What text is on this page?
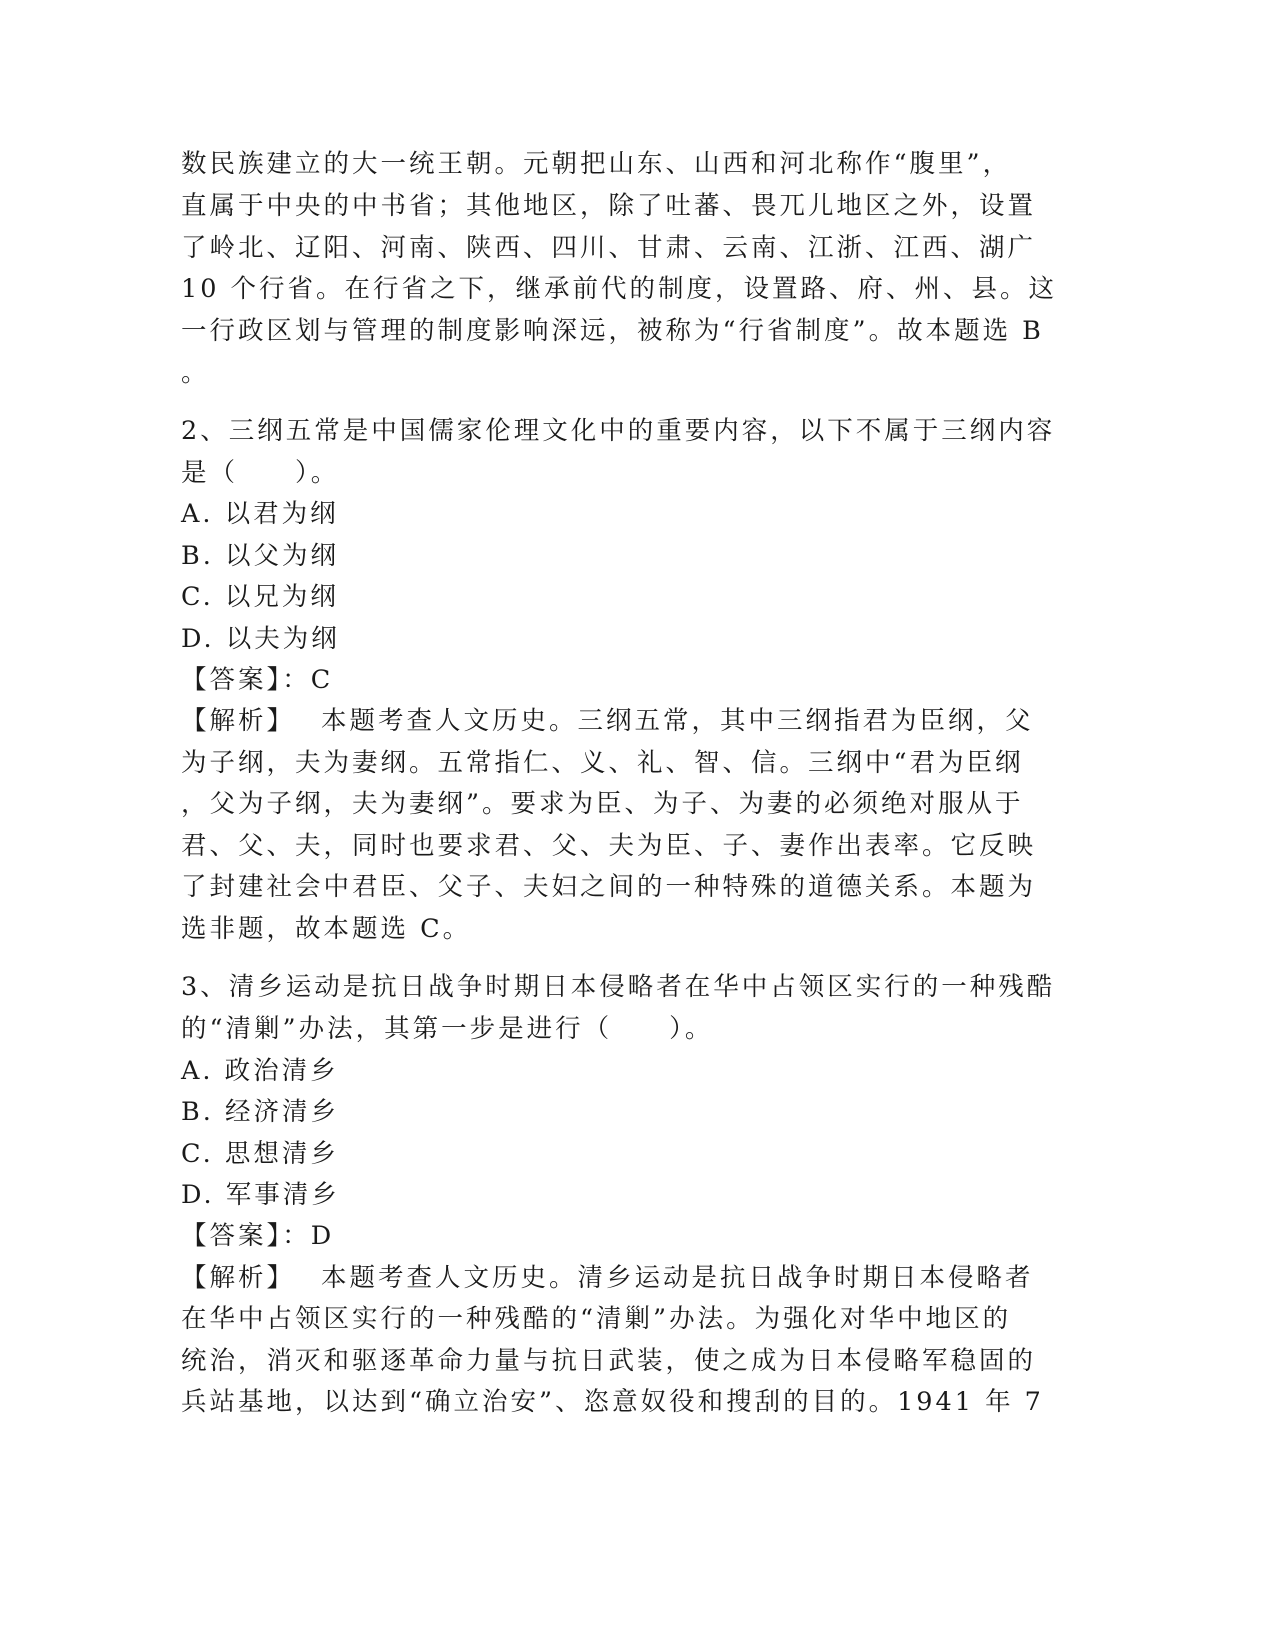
数民族建立的大一统王朝。元朝把山东、山西和河北称作“腹里”，
直属于中央的中书省；其他地区，除了吐蕃、畏兀儿地区之外，设置
了岭北、辽阳、河南、陕西、四川、甘肃、云南、江浙、江西、湖广
10 个行省。在行省之下，继承前代的制度，设置路、府、州、县。这
一行政区划与管理的制度影响深远，被称为“行省制度”。故本题选 B
。
2、三纲五常是中国儒家伦理文化中的重要内容，以下不属于三纲内容
是（　　）。
A. 以君为纲
B. 以父为纲
C. 以兄为纲
D. 以夫为纲
【答案】：C
【解析】 本题考查人文历史。三纲五常，其中三纲指君为臣纲，父
为子纲，夫为妻纲。五常指仁、义、礼、智、信。三纲中“君为臣纲
，父为子纲，夫为妻纲”。要求为臣、为子、为妻的必须绝对服从于
君、父、夫，同时也要求君、父、夫为臣、子、妻作出表率。它反映
了封建社会中君臣、父子、夫妇之间的一种特殊的道德关系。本题为
选非题，故本题选 C。
3、清乡运动是抗日战争时期日本侵略者在华中占领区实行的一种残酷
的“清剿”办法，其第一步是进行（　　）。
A. 政治清乡
B. 经济清乡
C. 思想清乡
D. 军事清乡
【答案】：D
【解析】 本题考查人文历史。清乡运动是抗日战争时期日本侵略者
在华中占领区实行的一种残酷的“清剿”办法。为强化对华中地区的
统治，消灭和驱逐革命力量与抗日武装，使之成为日本侵略军稳固的
兵站基地，以达到“确立治安”、恣意奴役和搜刮的目的。1941 年 7
